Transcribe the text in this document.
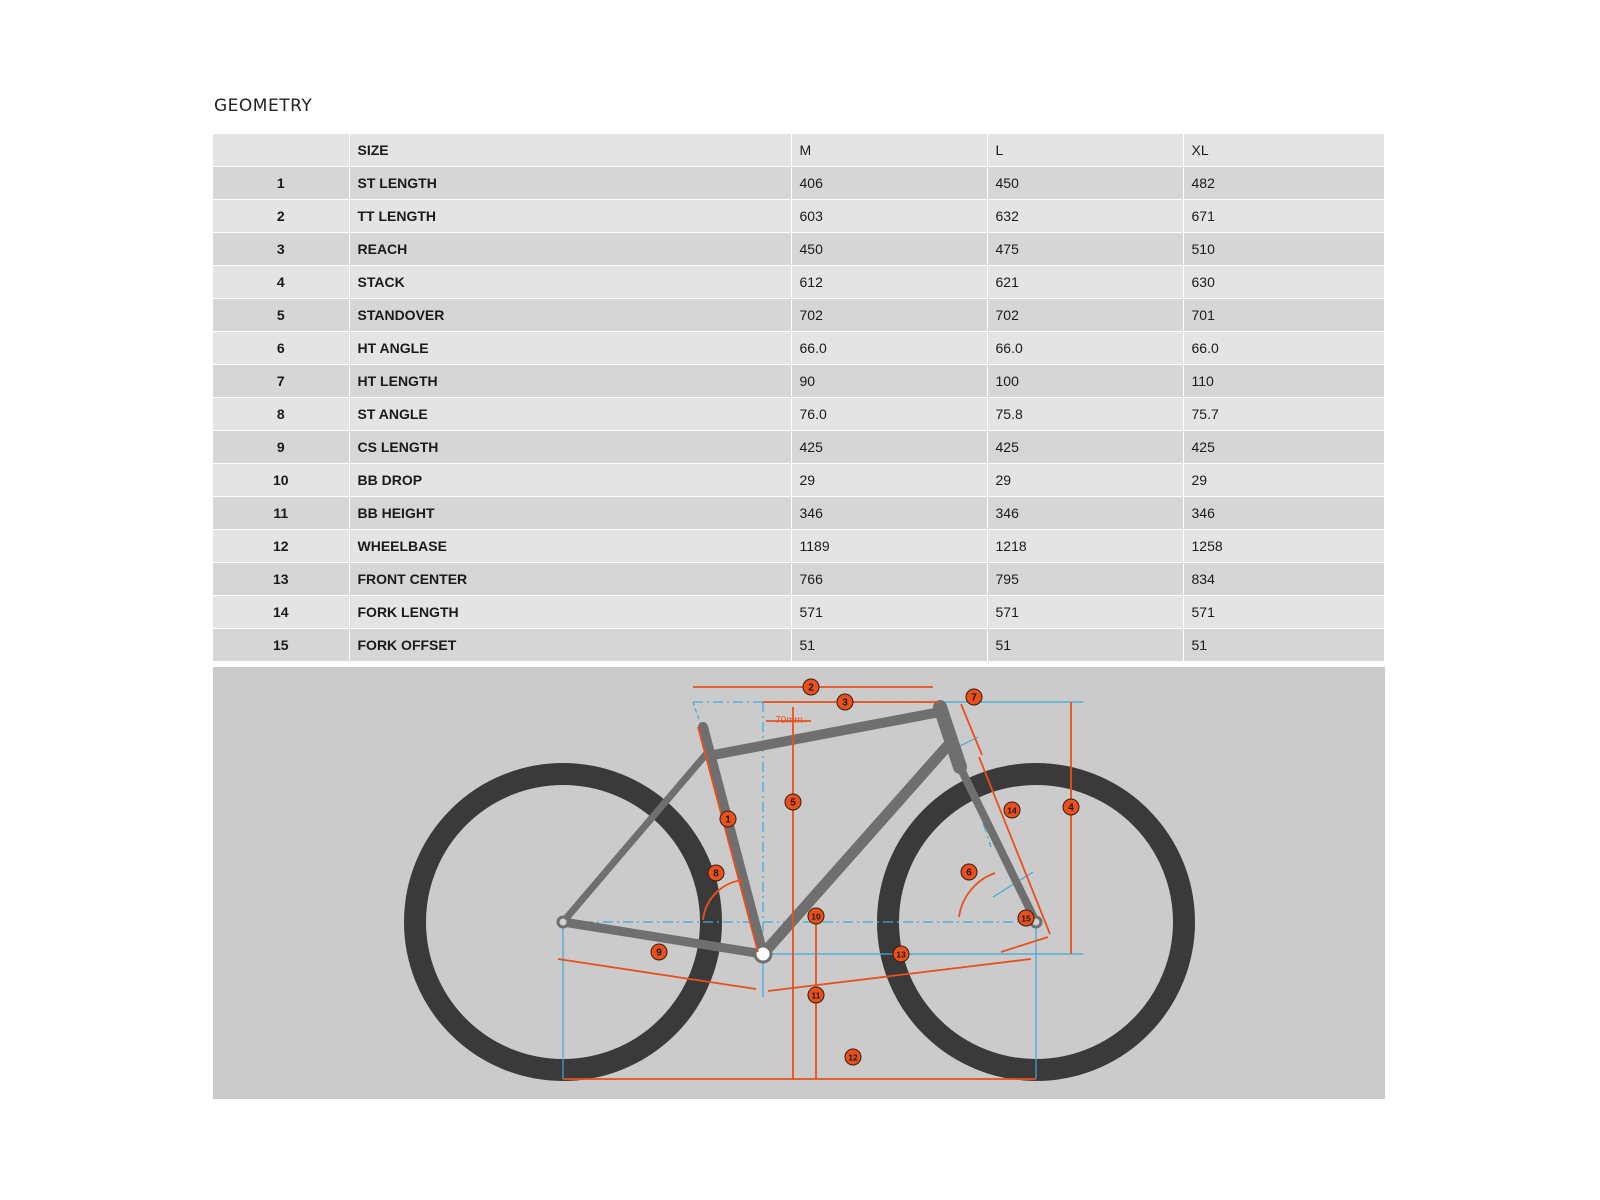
GEOMETRY
	SIZE	M	L	XL
1	ST LENGTH	406	450	482
2	TT LENGTH	603	632	671
3	REACH	450	475	510
4	STACK	612	621	630
5	STANDOVER	702	702	701
6	HT ANGLE	66.0	66.0	66.0
7	HT LENGTH	90	100	110
8	ST ANGLE	76.0	75.8	75.7
9	CS LENGTH	425	425	425
10	BB DROP	29	29	29
11	BB HEIGHT	346	346	346
12	WHEELBASE	1189	1218	1258
13	FRONT CENTER	766	795	834
14	FORK LENGTH	571	571	571
15	FORK OFFSET	51	51	51
1
2
3
4
5
6
7
8
9
10
11
12
13
14
15
70mm
